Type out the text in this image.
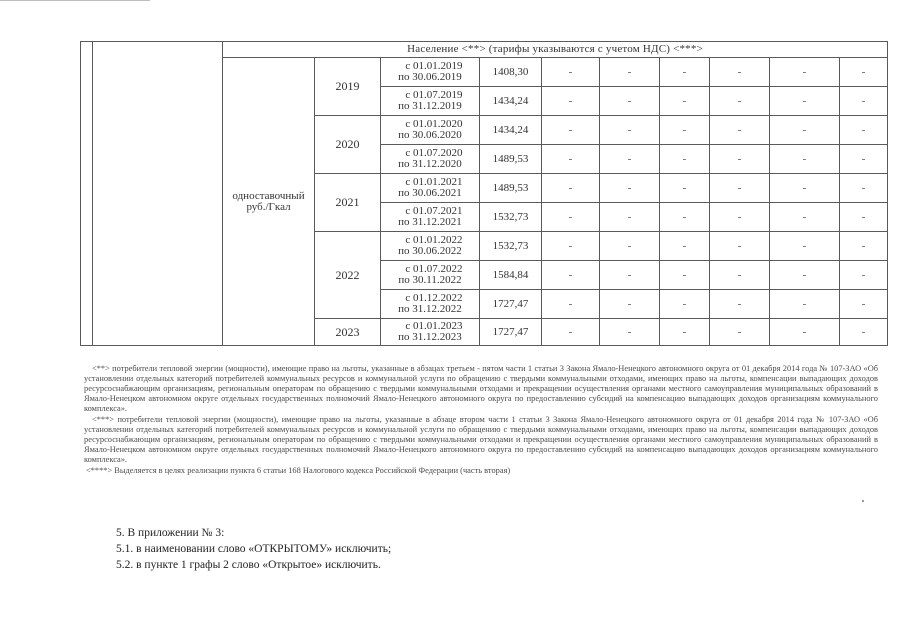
		Население <**> (тарифы указываются с учетом НДС) <***>									
		одноставочный руб./Гкал	2019	с 01.01.2019
по 30.06.2019	1408,30	-	-	-	-	-	-

				с 01.07.2019
по 31.12.2019	1434,24	-	-	-	-	-	-
			2020	с 01.01.2020
по 30.06.2020	1434,24	-	-	-	-	-	-

				с 01.07.2020
по 31.12.2020	1489,53	-	-	-	-	-	-
			2021	с 01.01.2021
по 30.06.2021	1489,53	-	-	-	-	-	-

				с 01.07.2021
по 31.12.2021	1532,73	-	-	-	-	-	-
			2022	с 01.01.2022
по 30.06.2022	1532,73	-	-	-	-	-	-

				с 01.07.2022
по 30.11.2022	1584,84	-	-	-	-	-	-

				с 01.12.2022
по 31.12.2022	1727,47	-	-	-	-	-	-
			2023	с 01.01.2023
по 31.12.2023	1727,47	-	-	-	-	-	-

<**> потребители тепловой энергии (мощности), имеющие право на льготы, указанные в абзацах третьем - пятом части 1 статьи 3 Закона Ямало-Ненецкого автономного округа от 01 декабря 2014 года № 107-ЗАО «Об установлении отдельных категорий потребителей коммунальных ресурсов и коммунальной услуги по обращению с твердыми коммунальными отходами, имеющих право на льготы, компенсации выпадающих доходов ресурсоснабжающим организациям, региональным операторам по обращению с твердыми коммунальными отходами и прекращении осуществления органами местного самоуправления муниципальных образований в Ямало-Ненецком автономном округе отдельных государственных полномочий Ямало-Ненецкого автономного округа по предоставлению субсидий на компенсацию выпадающих доходов организациям коммунального комплекса».

<***> потребители тепловой энергии (мощности), имеющие право на льготы, указанные в абзаце втором части 1 статьи 3 Закона Ямало-Ненецкого автономного округа от 01 декабря 2014 года № 107-ЗАО «Об установлении отдельных категорий потребителей коммунальных ресурсов и коммунальной услуги по обращению с твердыми коммунальными отходами, имеющих право на льготы, компенсации выпадающих доходов ресурсоснабжающим организациям, региональным операторам по обращению с твердыми коммунальными отходами и прекращении осуществления органами местного самоуправления муниципальных образований в Ямало-Ненецком автономном округе отдельных государственных полномочий Ямало-Ненецкого автономного округа по предоставлению субсидий на компенсацию выпадающих доходов организациям коммунального комплекса».

<****> Выделяется в целях реализации пункта 6 статьи 168 Налогового кодекса Российской Федерации (часть вторая)

5. В приложении № 3:
5.1. в наименовании слово «ОТКРЫТОМУ» исключить;
5.2. в пункте 1 графы 2 слово «Открытое» исключить.
